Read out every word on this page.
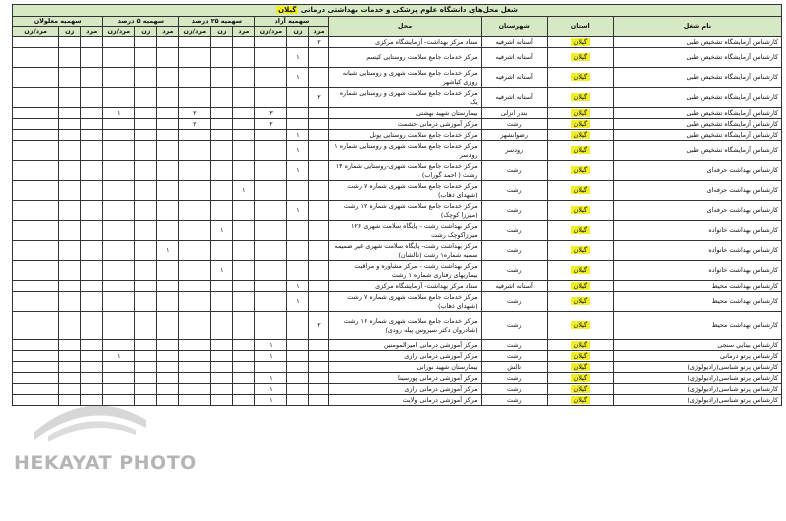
شغل محل‌های دانشگاه علوم پزشکی و خدمات بهداشتی درمانی گیلان															
نام شغل	استان	شهرستان	محل	سهمیه آزاد			سهمیه ۲۵ درصد			سهمیه ۵ درصد			سهمیه معلولان		
				مرد	زن	مرد/زن	مرد	زن	مرد/زن	مرد	زن	مرد/زن	مرد	زن	مرد/زن
کارشناس آزمایشگاه تشخیص طبی	گیلان	آستانه اشرفیه	ستاد مرکز بهداشت- آزمایشگاه مرکزی	۲											
کارشناس آزمایشگاه تشخیص طبی	گیلان	آستانه اشرفیه	مرکز خدمات جامع سلامت روستایی کیسم		۱										
کارشناس آزمایشگاه تشخیص طبی	گیلان	آستانه اشرفیه	مرکز خدمات جامع سلامت شهری و روستایی شبانه روزی کیاشهر		۱										
کارشناس آزمایشگاه تشخیص طبی	گیلان	آستانه اشرفیه	مرکز خدمات جامع سلامت شهری و روستایی شماره یک	۲											
کارشناس آزمایشگاه تشخیص طبی	گیلان	بندر انزلی	بیمارستان شهید بهشتی			۳			۲			۱			
کارشناس آزمایشگاه تشخیص طبی	گیلان	رشت	مرکز آموزشی درمانی حشمت			۲			۲						
کارشناس آزمایشگاه تشخیص طبی	گیلان	رضوانشهر	مرکز خدمات جامع سلامت روستایی پونل		۱										
کارشناس آزمایشگاه تشخیص طبی	گیلان	رودسر	مرکز خدمات جامع سلامت شهری و روستایی شماره ۱ رودسر		۱										
کارشناس بهداشت حرفه‌ای	گیلان	رشت	مرکز خدمات جامع سلامت شهری-روستایی شماره ۱۴ رشت ( احمد گوراب)		۱										
کارشناس بهداشت حرفه‌ای	گیلان	رشت	مرکز خدمات جامع سلامت شهری شماره ۷ رشت (شهدای ذهاب)				۱								
کارشناس بهداشت حرفه‌ای	گیلان	رشت	مرکز خدمات جامع سلامت شهری شماره ۱۲ رشت (میرزا کوچک)		۱										
کارشناس بهداشت خانواده	گیلان	رشت	مرکز بهداشت رشت - پایگاه سلامت شهری ۱۲۶ میرزاکوچک رشت					۱							
کارشناس بهداشت خانواده	گیلان	رشت	مرکز بهداشت رشت- پایگاه سلامت شهری غیر ضمیمه سمیه شماره۱ رشت (تالشان)							۱					
کارشناس بهداشت خانواده	گیلان	رشت	مرکز بهداشت رشت - مرکز مشاوره و مراقبت بیماریهای رفتاری شماره ۱ رشت					۱							
کارشناس بهداشت محیط	گیلان	آستانه اشرفیه	ستاد مرکز بهداشت- آزمایشگاه مرکزی		۱										
کارشناس بهداشت محیط	گیلان	رشت	مرکز خدمات جامع سلامت شهری شماره ۷ رشت (شهدای ذهاب)		۱										
کارشناس بهداشت محیط	گیلان	رشت	مرکز خدمات جامع سلامت شهری شماره ۱۶ رشت (شادروان دکتر سیروس پیله رودی)	۲											
کارشناس بینایی سنجی	گیلان	رشت	مرکز آموزشی درمانی امیرالمومنین			۱									
کارشناس پرتو درمانی	گیلان	رشت	مرکز آموزشی درمانی رازی			۱						۱			
کارشناس پرتو شناسی(رادیولوژی)	گیلان	تالش	بیمارستان شهید نورانی												
کارشناس پرتو شناسی(رادیولوژی)	گیلان	رشت	مرکز آموزشی درمانی پورسینا			۱									
کارشناس پرتو شناسی(رادیولوژی)	گیلان	رشت	مرکز آموزشی درمانی رازی			۱									
کارشناس پرتو شناسی(رادیولوژی)	گیلان	رشت	مرکز آموزشی درمانی ولایت			۱									
HEKAYAT PHOTO
